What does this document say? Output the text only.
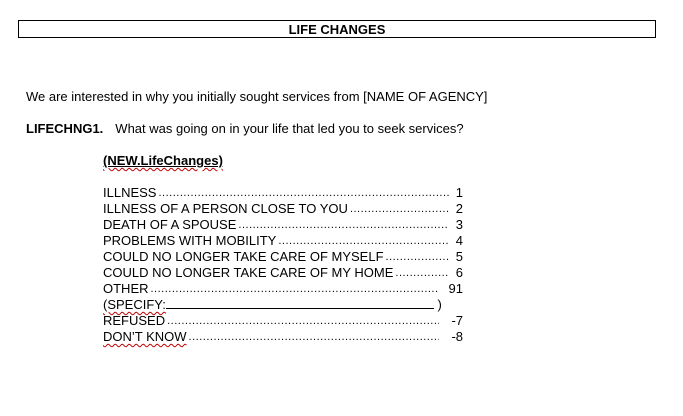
LIFE CHANGES
We are interested in why you initially sought services from [NAME OF AGENCY]
LIFECHNG1. What was going on in your life that led you to seek services?
(NEW.LifeChanges)
ILLNESS .....	1
ILLNESS OF A PERSON CLOSE TO YOU .....	2
DEATH OF A SPOUSE .....	3
PROBLEMS WITH MOBILITY .....	4
COULD NO LONGER TAKE CARE OF MYSELF .....	5
COULD NO LONGER TAKE CARE OF MY HOME .....	6
OTHER .....	91
(SPECIFY:	)
REFUSED .....	-7
DON’T KNOW .....	-8
